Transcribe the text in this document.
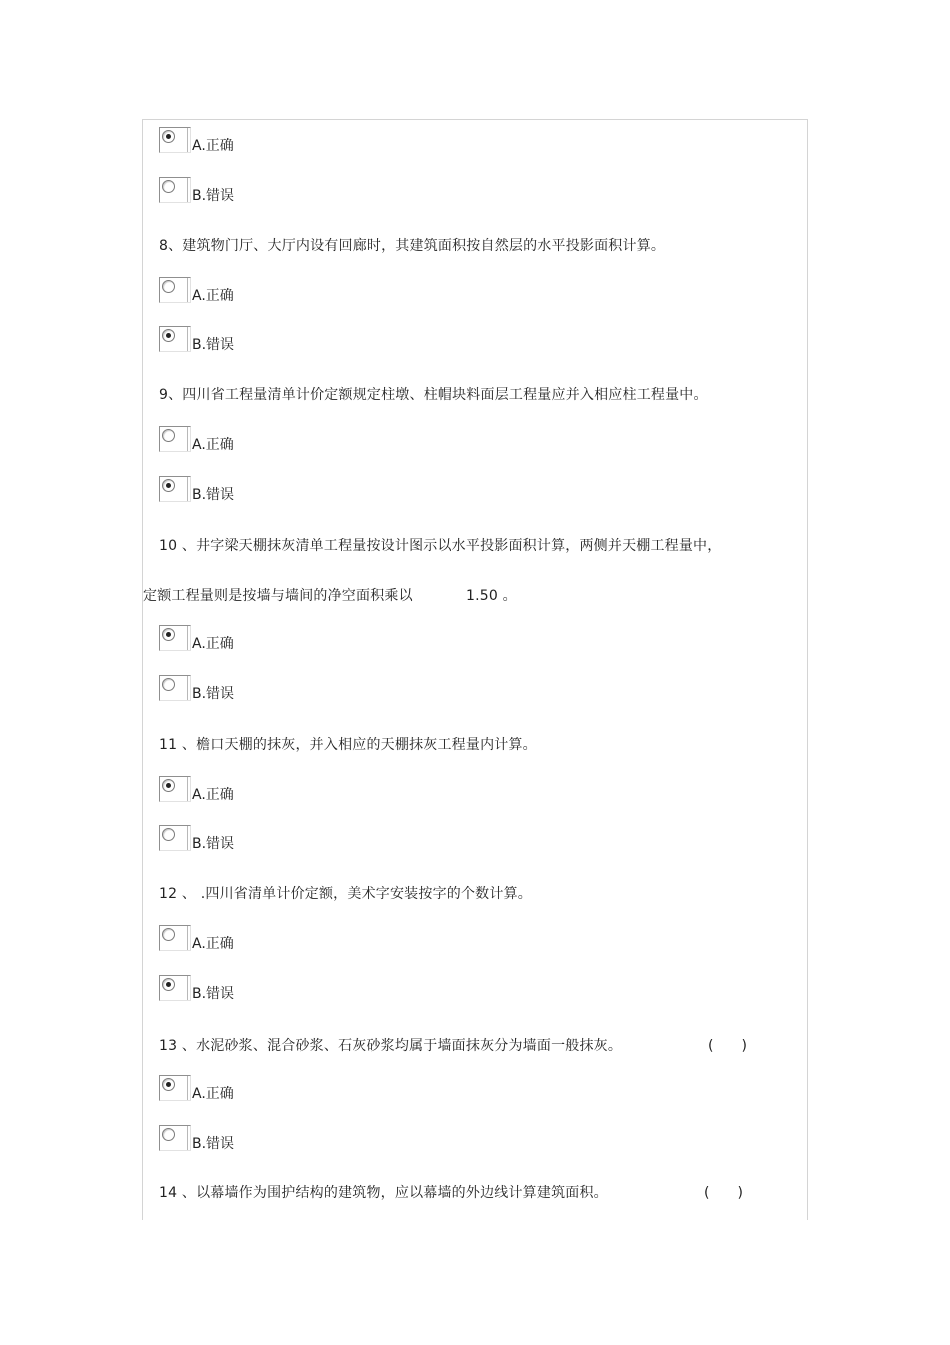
A.正确
B.错误
8、建筑物门厅、大厅内设有回廊时，其建筑面积按自然层的水平投影面积计算。
A.正确
B.错误
9、四川省工程量清单计价定额规定柱墩、柱帽块料面层工程量应并入相应柱工程量中。
A.正确
B.错误
10 、井字梁天棚抹灰清单工程量按设计图示以水平投影面积计算，两侧并天棚工程量中，
定额工程量则是按墙与墙间的净空面积乘以	1.50 。
A.正确
B.错误
11 、檐口天棚的抹灰，并入相应的天棚抹灰工程量内计算。
A.正确
B.错误
12 、 .四川省清单计价定额，美术字安装按字的个数计算。
A.正确
B.错误
13 、水泥砂浆、混合砂浆、石灰砂浆均属于墙面抹灰分为墙面一般抹灰。	(　　)
A.正确
B.错误
14 、以幕墙作为围护结构的建筑物，应以幕墙的外边线计算建筑面积。	(　　)
